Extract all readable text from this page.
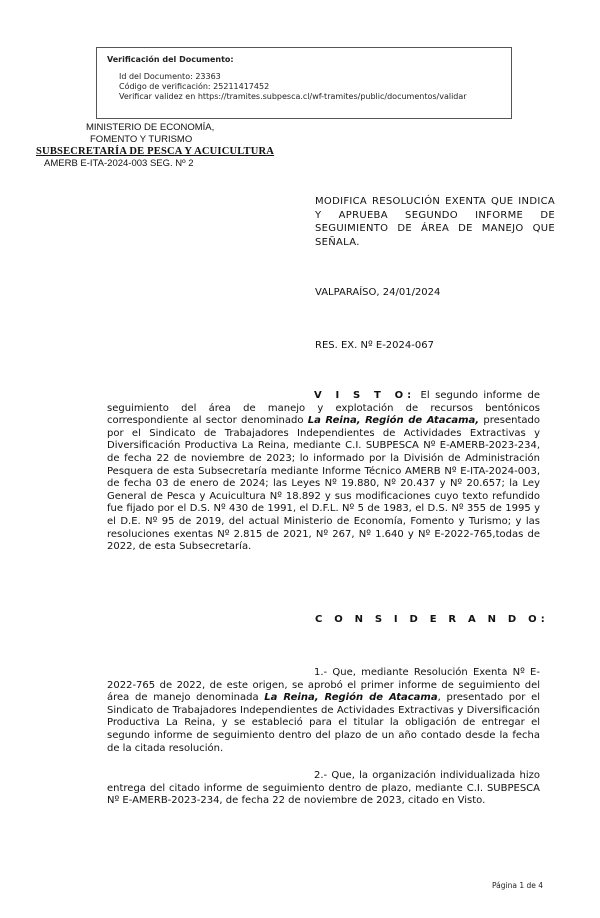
Verificación del Documento:
• Id del Documento: 23363
• Código de verificación: 25211417452
• Verificar validez en https://tramites.subpesca.cl/wf-tramites/public/documentos/validar
MINISTERIO DE ECONOMÍA,
FOMENTO Y TURISMO
SUBSECRETARÍA DE PESCA Y ACUICULTURA
AMERB E-ITA-2024-003 SEG. Nº 2
MODIFICA RESOLUCIÓN EXENTA QUE INDICA Y APRUEBA SEGUNDO INFORME DE SEGUIMIENTO DE ÁREA DE MANEJO QUE SEÑALA.
VALPARAÍSO, 24/01/2024
RES. EX. Nº E-2024-067
V I S T O: El segundo informe de seguimiento del área de manejo y explotación de recursos bentónicos correspondiente al sector denominado La Reina, Región de Atacama, presentado por el Sindicato de Trabajadores Independientes de Actividades Extractivas y Diversificación Productiva La Reina, mediante C.I. SUBPESCA Nº E-AMERB-2023-234, de fecha 22 de noviembre de 2023; lo informado por la División de Administración Pesquera de esta Subsecretaría mediante Informe Técnico AMERB Nº E-ITA-2024-003, de fecha 03 de enero de 2024; las Leyes Nº 19.880, Nº 20.437 y Nº 20.657; la Ley General de Pesca y Acuicultura Nº 18.892 y sus modificaciones cuyo texto refundido fue fijado por el D.S. Nº 430 de 1991, el D.F.L. Nº 5 de 1983, el D.S. Nº 355 de 1995 y el D.E. Nº 95 de 2019, del actual Ministerio de Economía, Fomento y Turismo; y las resoluciones exentas Nº 2.815 de 2021, Nº 267, Nº 1.640 y Nº E-2022-765,todas de 2022, de esta Subsecretaría.
C O N S I D E R A N D O:
1.- Que, mediante Resolución Exenta Nº E-2022-765 de 2022, de este origen, se aprobó el primer informe de seguimiento del área de manejo denominada La Reina, Región de Atacama, presentado por el Sindicato de Trabajadores Independientes de Actividades Extractivas y Diversificación Productiva La Reina, y se estableció para el titular la obligación de entregar el segundo informe de seguimiento dentro del plazo de un año contado desde la fecha de la citada resolución.
2.- Que, la organización individualizada hizo entrega del citado informe de seguimiento dentro de plazo, mediante C.I. SUBPESCA Nº E-AMERB-2023-234, de fecha 22 de noviembre de 2023, citado en Visto.
Página 1 de 4
